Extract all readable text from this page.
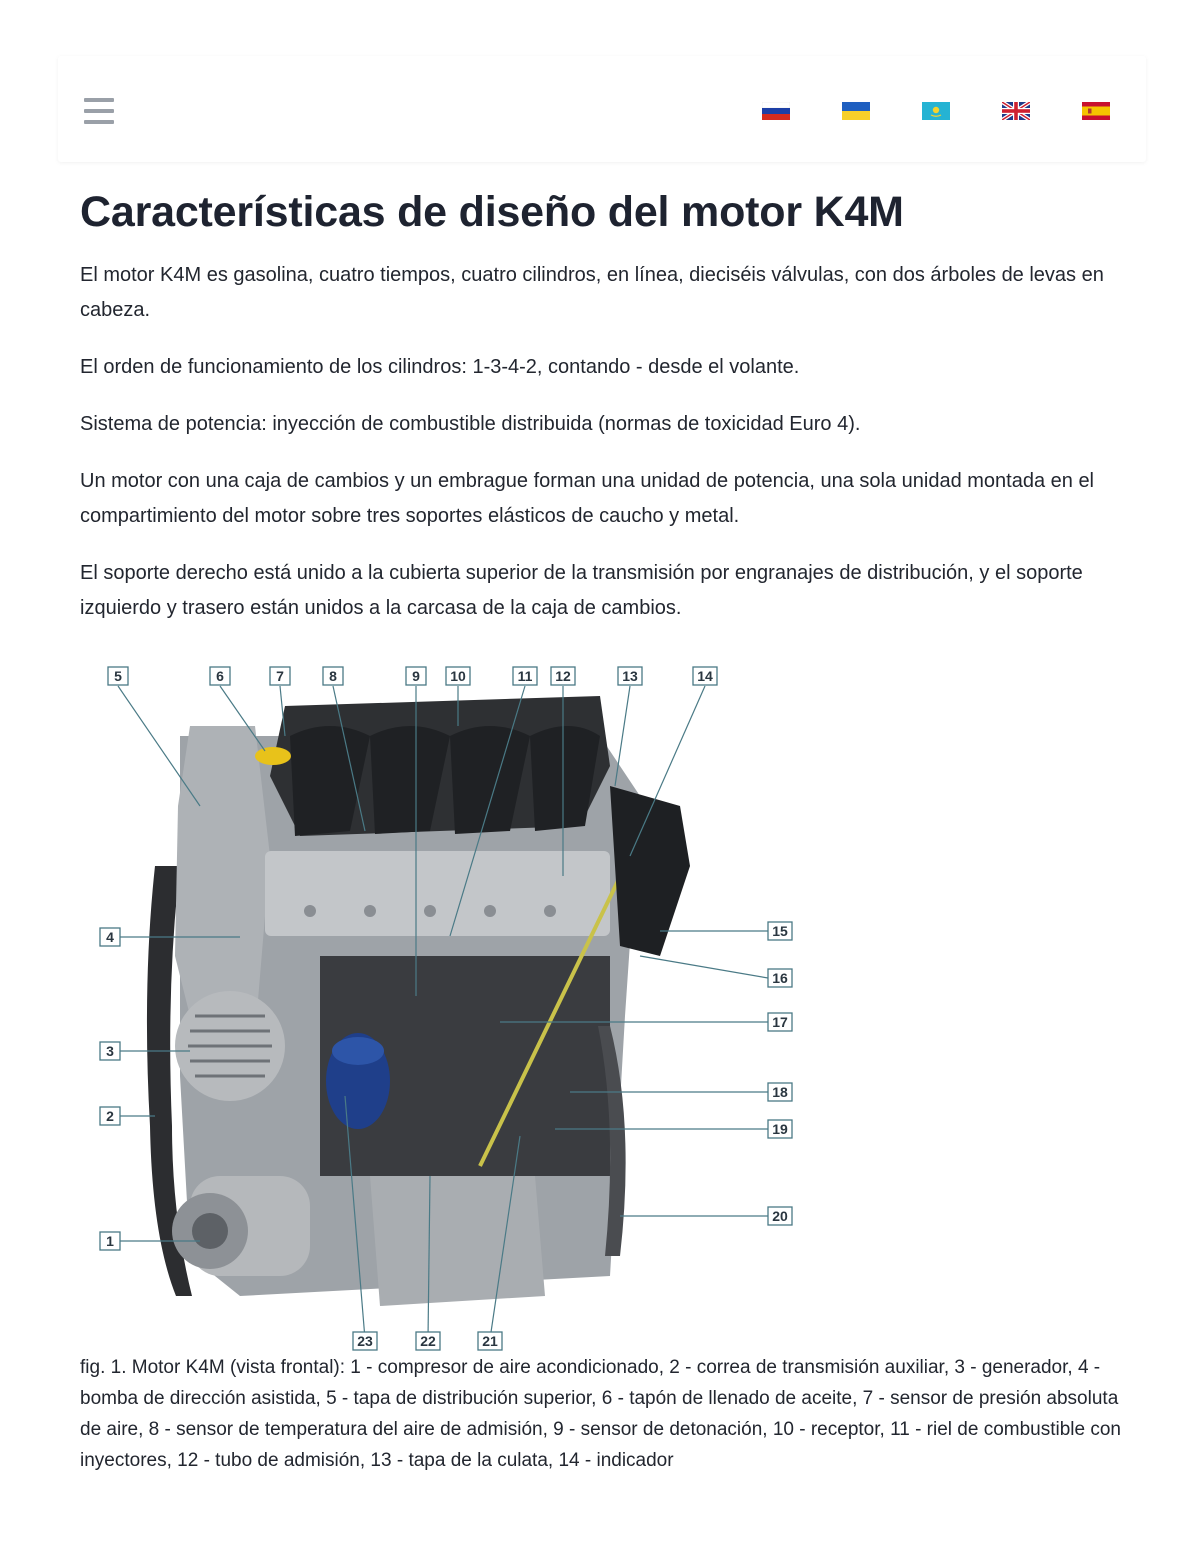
Características de diseño del motor K4M

El motor K4M es gasolina, cuatro tiempos, cuatro cilindros, en línea, dieciséis válvulas, con dos árboles de levas en cabeza.

El orden de funcionamiento de los cilindros: 1-3-4-2, contando - desde el volante.

Sistema de potencia: inyección de combustible distribuida (normas de toxicidad Euro 4).

Un motor con una caja de cambios y un embrague forman una unidad de potencia, una sola unidad montada en el compartimiento del motor sobre tres soportes elásticos de caucho y metal.

El soporte derecho está unido a la cubierta superior de la transmisión por engranajes de distribución, y el soporte izquierdo y trasero están unidos a la carcasa de la caja de cambios.

1
2
3
4
5	6	7	8	9 10	11 12	13	14
15
16
17
18
19
20
21
22
23

fig. 1. Motor K4M (vista frontal): 1 - compresor de aire acondicionado, 2 - correa de transmisión auxiliar, 3 - generador, 4 - bomba de dirección asistida, 5 - tapa de distribución superior, 6 - tapón de llenado de aceite, 7 - sensor de presión absoluta de aire, 8 - sensor de temperatura del aire de admisión, 9 - sensor de detonación, 10 - receptor, 11 - riel de combustible con inyectores, 12 - tubo de admisión, 13 - tapa de la culata, 14 - indicador
